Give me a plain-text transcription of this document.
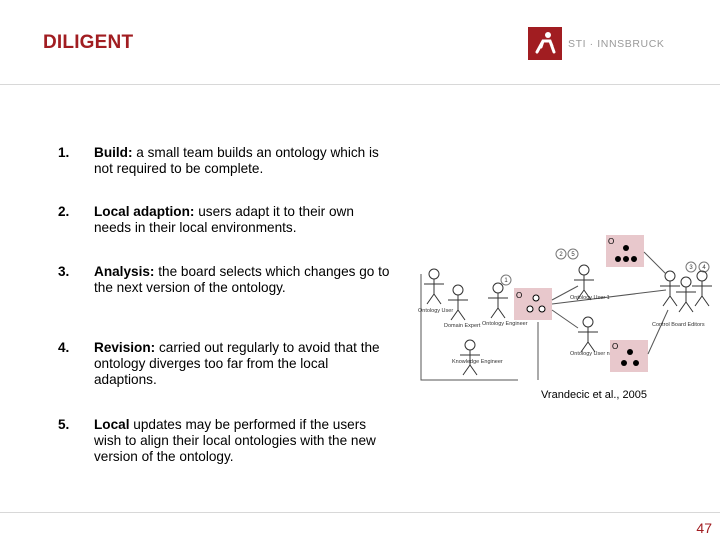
DILIGENT	STI · INNSBRUCK
1. Build: a small team builds an ontology which is not required to be complete.
2. Local adaption: users adapt it to their own needs in their local environments.
3. Analysis: the board selects which changes go to the next version of the ontology.
4. Revision: carried out regularly to avoid that the ontology diverges too far from the local adaptions.
5. Local updates may be performed if the users wish to align their local ontologies with the new version of the ontology.
O
O
O
2 5
1
3 4
Ontology User
Domain Expert Ontology Engineer
Knowledge Engineer
Ontology User 1
Ontology User n
Control Board Editors
Vrandecic et al., 2005
47
